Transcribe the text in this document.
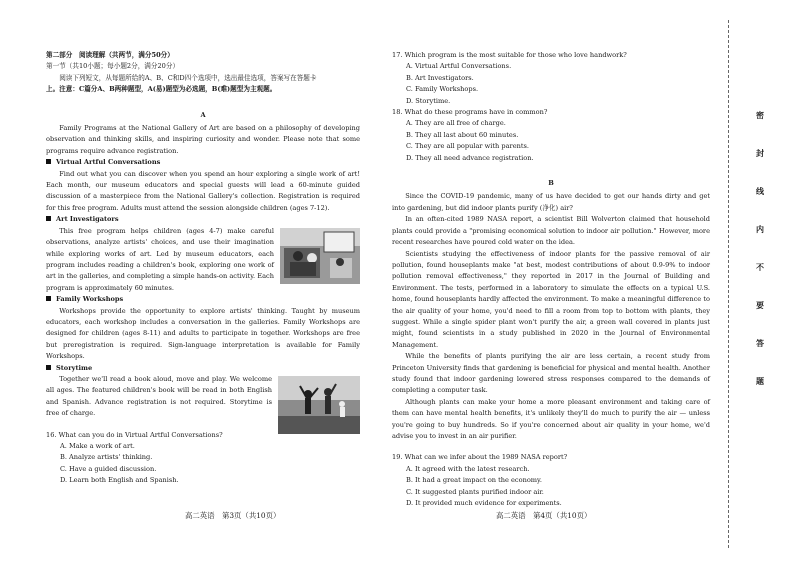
第二部分　阅读理解（共两节，满分50分）

第一节（共10小题；每小题2分，满分20分）

阅读下列短文，从每题所给的A、B、C和D四个选项中，选出最佳选项，答案写在答题卡

上。注意：C篇分A、B两种题型，A(易)题型为必选题，B(难)题型为主观题。

A

Family Programs at the National Gallery of Art are based on a philosophy of developing observation and thinking skills, and inspiring curiosity and wonder. Please note that some programs require advance registration.

Virtual Artful Conversations

Find out what you can discover when you spend an hour exploring a single work of art! Each month, our museum educators and special guests will lead a 60-minute guided discussion of a masterpiece from the National Gallery's collection. Registration is required for this free program. Adults must attend the session alongside children (ages 7-12).

Art Investigators

This free program helps children (ages 4-7) make careful observations, analyze artists' choices, and use their imagination while exploring works of art. Led by museum educators, each program includes reading a children's book, exploring one work of art in the galleries, and completing a simple hands-on activity. Each program is approximately 60 minutes.

Family Workshops

Workshops provide the opportunity to explore artists' thinking. Taught by museum educators, each workshop includes a conversation in the galleries. Family Workshops are designed for children (ages 8-11) and adults to participate in together. Workshops are free but preregistration is required. Sign-language interpretation is available for Family Workshops.

Storytime

Together we'll read a book aloud, move and play. We welcome all ages. The featured children's book will be read in both English and Spanish. Advance registration is not required. Storytime is free of charge.

16. What can you do in Virtual Artful Conversations?

A. Make a work of art.

B. Analyze artists' thinking.

C. Have a guided discussion.

D. Learn both English and Spanish.

17. Which program is the most suitable for those who love handwork?

A. Virtual Artful Conversations.

B. Art Investigators.

C. Family Workshops.

D. Storytime.

18. What do these programs have in common?

A. They are all free of charge.

B. They all last about 60 minutes.

C. They are all popular with parents.

D. They all need advance registration.

B

Since the COVID-19 pandemic, many of us have decided to get our hands dirty and get into gardening, but did indoor plants purify (净化) air?

In an often-cited 1989 NASA report, a scientist Bill Wolverton claimed that household plants could provide a "promising economical solution to indoor air pollution." However, more recent researches have poured cold water on the idea.

Scientists studying the effectiveness of indoor plants for the passive removal of air pollution, found houseplants make "at best, modest contributions of about 0.9-9% to indoor pollution removal effectiveness," they reported in 2017 in the Journal of Building and Environment. The tests, performed in a laboratory to simulate the effects on a typical U.S. home, found houseplants hardly affected the environment. To make a meaningful difference to the air quality of your home, you'd need to fill a room from top to bottom with plants, they suggest. While a single spider plant won't purify the air, a green wall covered in plants just might, found scientists in a study published in 2020 in the Journal of Environmental Management.

While the benefits of plants purifying the air are less certain, a recent study from Princeton University finds that gardening is beneficial for physical and mental health. Another study found that indoor gardening lowered stress responses compared to the demands of completing a computer task.

Although plants can make your home a more pleasant environment and taking care of them can have mental health benefits, it's unlikely they'll do much to purify the air — unless you're going to buy hundreds. So if you're concerned about air quality in your home, we'd advise you to invest in an air purifier.

19. What can we infer about the 1989 NASA report?

A. It agreed with the latest research.

B. It had a great impact on the economy.

C. It suggested plants purified indoor air.

D. It provided much evidence for experiments.

高二英语　第3页（共10页）	高二英语　第4页（共10页）
密
封
线
内
不
要
答
题
